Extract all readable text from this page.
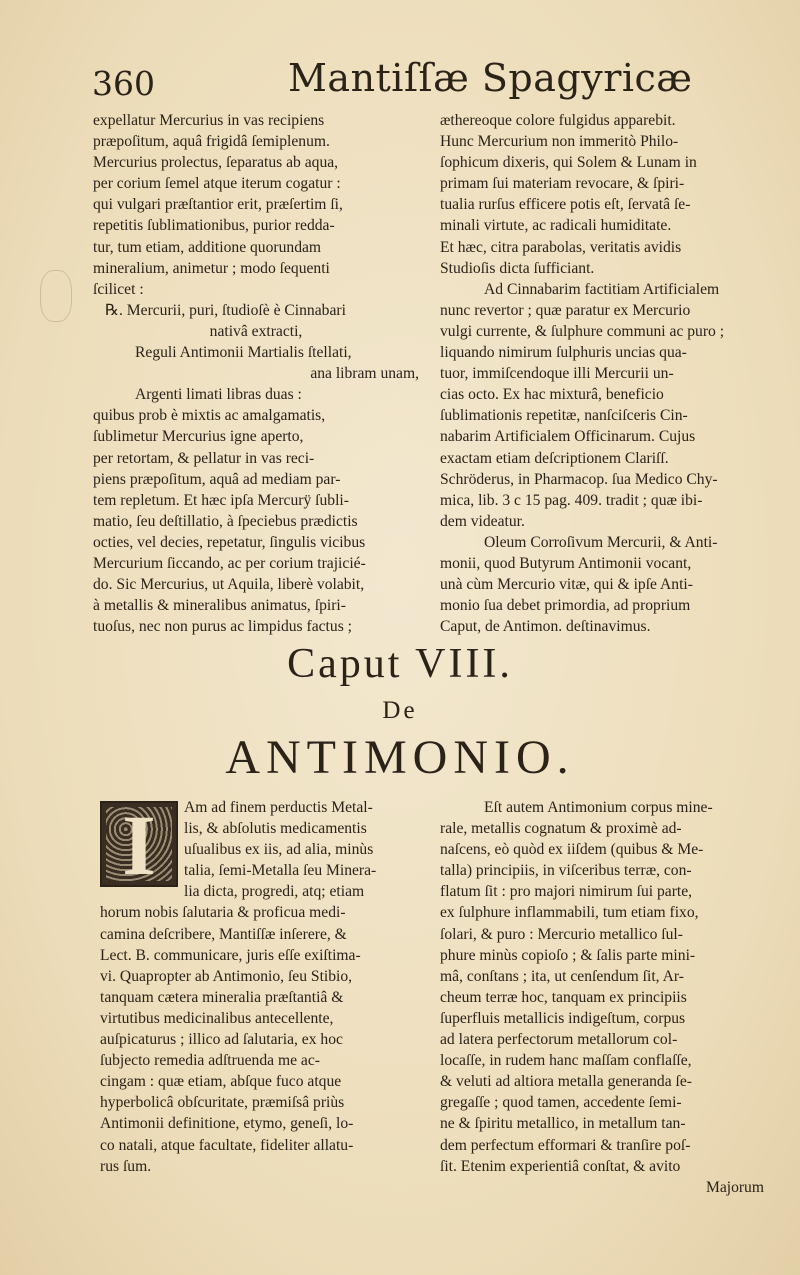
360	Mantiſſæ Spagyricæ

expellatur Mercurius in vas recipiens

præpoſitum, aquâ frigidâ ſemiplenum.

Mercurius prolectus, ſeparatus ab aqua,

per corium ſemel atque iterum cogatur :

qui vulgari præſtantior erit, præſertim ſi,

repetitis ſublimationibus, purior redda-

tur, tum etiam, additione quorundam

mineralium, animetur ; modo ſequenti

ſcilicet :

℞. Mercurii, puri, ſtudioſè è Cinnabari

nativâ extracti,

Reguli Antimonii Martialis ſtellati,

ana libram unam,

Argenti limati libras duas :

quibus prob è mixtis ac amalgamatis,

ſublimetur Mercurius igne aperto,

per retortam, & pellatur in vas reci-

piens præpoſitum, aquâ ad mediam par-

tem repletum. Et hæc ipſa Mercurÿ ſubli-

matio, ſeu deſtillatio, à ſpeciebus prædictis

octies, vel decies, repetatur, ſingulis vicibus

Mercurium ſiccando, ac per corium trajicié-

do. Sic Mercurius, ut Aquila, liberè volabit,

à metallis & mineralibus animatus, ſpiri-

tuoſus, nec non purus ac limpidus factus ;

æthereoque colore fulgidus apparebit.

Hunc Mercurium non immeritò Philo-

ſophicum dixeris, qui Solem & Lunam in

primam ſui materiam revocare, & ſpiri-

tualia rurſus efficere potis eſt, ſervatâ ſe-

minali virtute, ac radicali humiditate.

Et hæc, citra parabolas, veritatis avidis

Studioſis dicta ſufficiant.

Ad Cinnabarim factitiam Artificialem

nunc revertor ; quæ paratur ex Mercurio

vulgi currente, & ſulphure communi ac puro ;

liquando nimirum ſulphuris uncias qua-

tuor, immiſcendoque illi Mercurii un-

cias octo. Ex hac mixturâ, beneficio

ſublimationis repetitæ, nanſciſceris Cin-

nabarim Artificialem Officinarum. Cujus

exactam etiam deſcriptionem Clariſſ.

Schröderus, in Pharmacop. ſua Medico Chy-

mica, lib. 3 c 15 pag. 409. tradit ; quæ ibi-

dem videatur.

Oleum Corroſivum Mercurii, & Anti-

monii, quod Butyrum Antimonii vocant,

unà cùm Mercurio vitæ, qui & ipſe Anti-

monio ſua debet primordia, ad proprium

Caput, de Antimon. deſtinavimus.

Caput VIII.
De
ANTIMONIO.
I	Am ad finem perductis Metal-

lis, & abſolutis medicamentis

uſualibus ex iis, ad alia, minùs

talia, ſemi-Metalla ſeu Minera-

lia dicta, progredi, atq; etiam

horum nobis ſalutaria & proficua medi-

camina deſcribere, Mantiſſæ inſerere, &

Lect. B. communicare, juris eſſe exiſtima-

vi. Quapropter ab Antimonio, ſeu Stibio,

tanquam cætera mineralia præſtantiâ &

virtutibus medicinalibus antecellente,

auſpicaturus ; illico ad ſalutaria, ex hoc

ſubjecto remedia adſtruenda me ac-

cingam : quæ etiam, abſque fuco atque

hyperbolicâ obſcuritate, præmiſsâ priùs

Antimonii definitione, etymo, geneſi, lo-

co natali, atque facultate, fideliter allatu-

rus ſum.

Eſt autem Antimonium corpus mine-

rale, metallis cognatum & proximè ad-

naſcens, eò quòd ex iiſdem (quibus & Me-

talla) principiis, in viſceribus terræ, con-

flatum ſit : pro majori nimirum ſui parte,

ex ſulphure inflammabili, tum etiam fixo,

ſolari, & puro : Mercurio metallico ſul-

phure minùs copioſo ; & ſalis parte mini-

mâ, conſtans ; ita, ut cenſendum ſit, Ar-

cheum terræ hoc, tanquam ex principiis

ſuperfluis metallicis indigeſtum, corpus

ad latera perfectorum metallorum col-

locaſſe, in rudem hanc maſſam conflaſſe,

& veluti ad altiora metalla generanda ſe-

gregaſſe ; quod tamen, accedente ſemi-

ne & ſpiritu metallico, in metallum tan-

dem perfectum efformari & tranſire poſ-

ſit. Etenim experientiâ conſtat, & avito

Majorum
